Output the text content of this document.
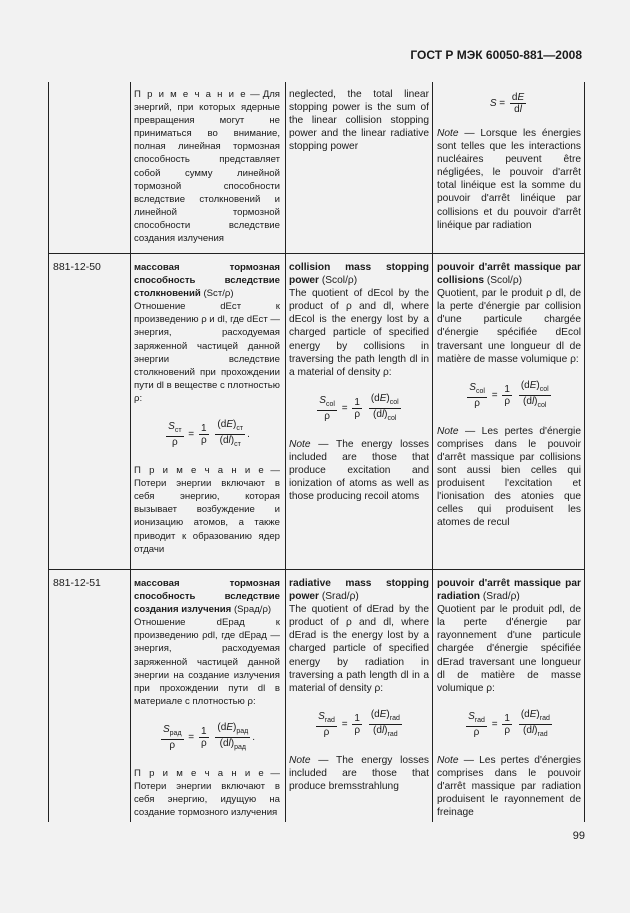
ГОСТ Р МЭК 60050-881—2008

П р и м е ч а н и е — Для энергий, при которых ядерные превращения могут не приниматься во внимание, полная линейная тормозная способность представляет собой сумму линейной тормозной способности вследствие столкновений и линейной тормозной способности вследствие создания излучения

neglected, the total linear stopping power is the sum of the linear collision stopping power and the linear radiative stopping power

$S = \frac{dE}{dl}$

Note — Lorsque les énergies sont telles que les interactions nucléaires peuvent être négligées, le pouvoir d'arrêt total linéique est la somme du pouvoir d'arrêt linéique par collisions et du pouvoir d'arrêt linéique par radiation

881-12-50	массовая тормозная способность вследствие столкновений (Sст/ρ)

Отношение dEст к произведению ρ и dl, где dEст — энергия, расходуемая заряженной частицей данной энергии вследствие столкновений при прохождении пути dl в веществе с плотностью ρ:

$\frac{S_{ст}}{\rho} = \frac{1}{\rho}$
$\frac{(dE)_{ст}}{(dl)_{ст}}$ .

П р и м е ч а н и е — Потери энергии включают в себя энергию, которая вызывает возбуждение и ионизацию атомов, а также приводит к образованию ядер отдачи

collision mass stopping power (Scol/ρ)

The quotient of dEcol by the product of ρ and dl, where dEcol is the energy lost by a charged particle of specified energy by collisions in traversing the path length dl in a material of density ρ:

$\frac{S_{col}}{\rho} = \frac{1}{\rho}$
$\frac{(dE)_{col}}{(dl)_{col}}$

Note — The energy losses included are those that produce excitation and ionization of atoms as well as those producing recoil atoms

pouvoir d'arrêt massique par collisions (Scol/ρ)

Quotient, par le produit ρ dl, de la perte d'énergie par collision d'une particule chargée d'énergie spécifiée dEcol traversant une longueur dl de matière de masse volumique ρ:

$\frac{S_{col}}{\rho} = \frac{1}{\rho}$
$\frac{(dE)_{col}}{(dl)_{col}}$

Note — Les pertes d'énergie comprises dans le pouvoir d'arrêt massique par collisions sont aussi bien celles qui produisent l'excitation et l'ionisation des atonies que celles qui produisent les atomes de recul

881-12-51	массовая тормозная способность вследствие создания излучения (Sрад/ρ)

Отношение dEрад к произведению ρdl, где dEрад — энергия, расходуемая заряженной частицей данной энергии на создание излучения при прохождении пути dl в материале с плотностью ρ:

$\frac{S_{рад}}{\rho} = \frac{1}{\rho}$
$\frac{(dE)_{рад}}{(dl)_{рад}}$ .

П р и м е ч а н и е — Потери энергии включают в себя энергию, идущую на создание тормозного излучения

radiative mass stopping power (Srad/ρ)

The quotient of dErad by the product of ρ and dl, where dErad is the energy lost by a charged particle of specified energy by radiation in traversing a path length dl in a material of density ρ:

$\frac{S_{rad}}{\rho} = \frac{1}{\rho}$
$\frac{(dE)_{rad}}{(dl)_{rad}}$

Note — The energy losses included are those that produce bremsstrahlung

pouvoir d'arrêt massique par radiation (Srad/ρ)

Quotient par le produit ρdl, de la perte d'énergie par rayonnement d'une particule chargée d'énergie spécifiée dErad traversant une longueur dl de matière de masse volumique ρ:

$\frac{S_{rad}}{\rho} = \frac{1}{\rho}$
$\frac{(dE)_{rad}}{(dl)_{rad}}$

Note — Les pertes d'énergies comprises dans le pouvoir d'arrêt massique par radiation produisent le rayonnement de freinage

99
